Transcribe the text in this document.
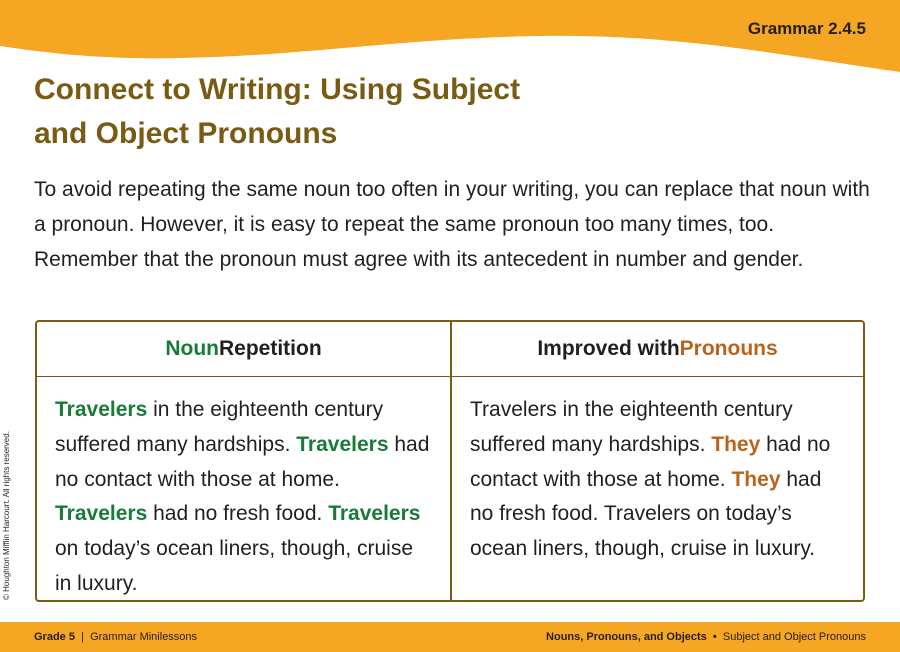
Grammar 2.4.5
Connect to Writing: Using Subject
and Object Pronouns
To avoid repeating the same noun too often in your writing, you can replace that noun with a pronoun. However, it is easy to repeat the same pronoun too many times, too. Remember that the pronoun must agree with its antecedent in number and gender.
Noun Repetition
Travelers in the eighteenth century suffered many hardships. Travelers had no contact with those at home. Travelers had no fresh food. Travelers on today’s ocean liners, though, cruise in luxury.
Improved with Pronouns
Travelers in the eighteenth century suffered many hardships. They had no contact with those at home. They had no fresh food. Travelers on today’s ocean liners, though, cruise in luxury.
© Houghton Mifflin Harcourt. All rights reserved.
Grade 5 | Grammar Minilessons	Nouns, Pronouns, and Objects • Subject and Object Pronouns
